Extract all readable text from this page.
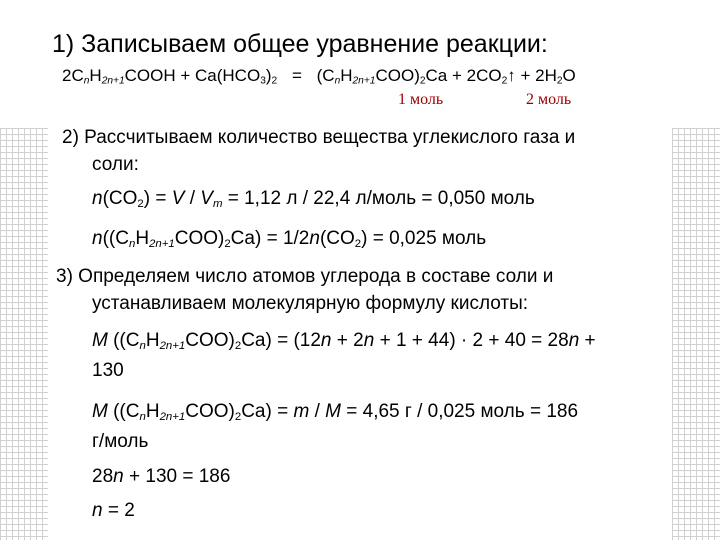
1) Записываем общее уравнение реакции:
$2C_nH_{2n+1}COOH + Ca(HCO_3)_2 = (C_nH_{2n+1}COO)_2Ca$ + $2CO_2↑ + 2H_2O$
1 моль	2 моль
2) Рассчитываем количество вещества углекислого газа и
соли:
$n(CO_2) = V / V_m = 1,12$ л / 22,4 л/моль = 0,050 моль
$n((C_nH_{2n+1}COO)_2Ca) = 1/2n(CO_2) = 0,025$ моль
3) Определяем число атомов углерода в составе соли и
устанавливаем молекулярную формулу кислоты:
M $((C_nH_{2n+1}COO)_2Ca) = (12n + 2n + 1 + 44) \cdot 2 + 40 = 28n$ +
130
M $((C_nH_{2n+1}COO)_2Ca) = m / M = 4,65$ г / 0,025 моль = 186
г/моль
28n + 130 = 186
n = 2
